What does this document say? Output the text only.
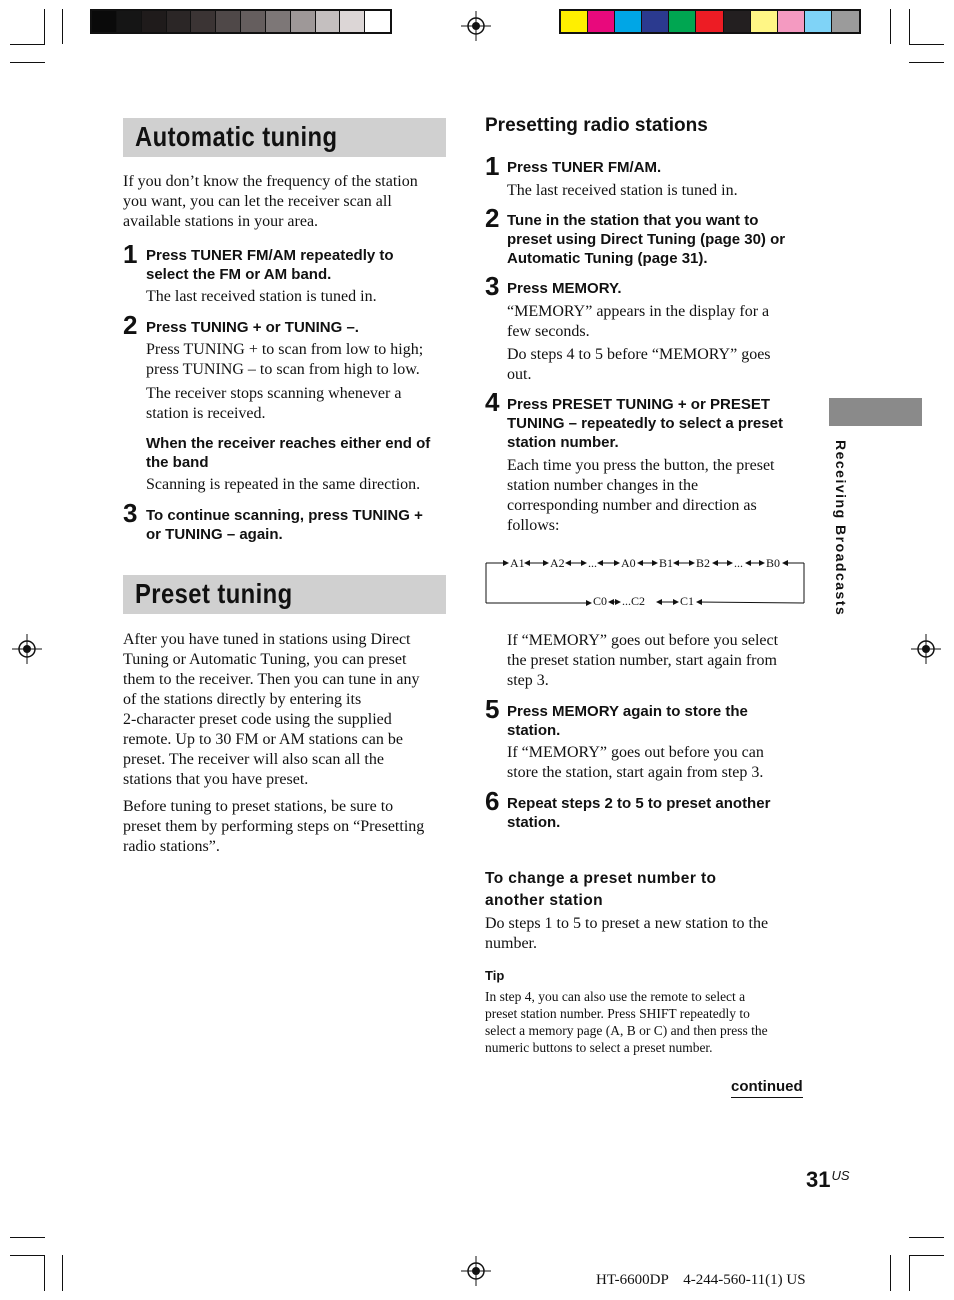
Automatic tuning
If you don’t know the frequency of the station
you want, you can let the receiver scan all
available stations in your area.
1 Press TUNER FM/AM repeatedly to
select the FM or AM band.
The last received station is tuned in.
2 Press TUNING + or TUNING –.
Press TUNING + to scan from low to high;
press TUNING – to scan from high to low.
The receiver stops scanning whenever a
station is received.
When the receiver reaches either end of
the band
Scanning is repeated in the same direction.
3 To continue scanning, press TUNING +
or TUNING – again.
Preset tuning
After you have tuned in stations using Direct
Tuning or Automatic Tuning, you can preset
them to the receiver. Then you can tune in any
of the stations directly by entering its
2-character preset code using the supplied
remote. Up to 30 FM or AM stations can be
preset. The receiver will also scan all the
stations that you have preset.
Before tuning to preset stations, be sure to
preset them by performing steps on “Presetting
radio stations”.
Presetting radio stations
1 Press TUNER FM/AM.
The last received station is tuned in.
2 Tune in the station that you want to
preset using Direct Tuning (page 30) or
Automatic Tuning (page 31).
3 Press MEMORY.
“MEMORY” appears in the display for a
few seconds.
Do steps 4 to 5 before “MEMORY” goes
out.
4 Press PRESET TUNING + or PRESET
TUNING – repeatedly to select a preset
station number.
Each time you press the button, the preset
station number changes in the
corresponding number and direction as
follows:
A1 A2 ... A0 B1 B2 ... B0
C0 ...C2	C1
If “MEMORY” goes out before you select
the preset station number, start again from
step 3.
5 Press MEMORY again to store the
station.
If “MEMORY” goes out before you can
store the station, start again from step 3.
6 Repeat steps 2 to 5 to preset another
station.
To change a preset number to
another station
Do steps 1 to 5 to preset a new station to the
number.
Tip
In step 4, you can also use the remote to select a
preset station number. Press SHIFT repeatedly to
select a memory page (A, B or C) and then press the
numeric buttons to select a preset number.
continued
Receiving Broadcasts
$31^{US}$
HT-6600DP    4-244-560-11(1) US
